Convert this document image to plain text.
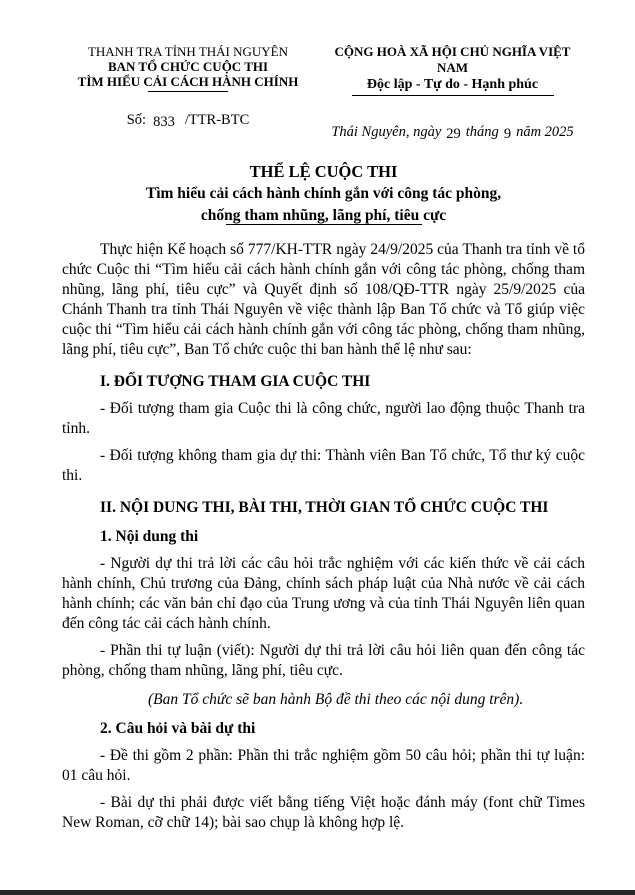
THANH TRA TỈNH THÁI NGUYÊN
BAN TỔ CHỨC CUỘC THI
TÌM HIỂU CẢI CÁCH HÀNH CHÍNH
Số: 833 /TTR-BTC
CỘNG HOÀ XÃ HỘI CHỦ NGHĨA VIỆT NAM
Độc lập - Tự do - Hạnh phúc
Thái Nguyên, ngày 29 tháng 9 năm 2025
THỂ LỆ CUỘC THI
Tìm hiểu cải cách hành chính gắn với công tác phòng,
chống tham nhũng, lãng phí, tiêu cực

Thực hiện Kế hoạch số 777/KH-TTR ngày 24/9/2025 của Thanh tra tỉnh về tổ chức Cuộc thi “Tìm hiểu cải cách hành chính gắn với công tác phòng, chống tham nhũng, lãng phí, tiêu cực” và Quyết định số 108/QĐ-TTR ngày 25/9/2025 của Chánh Thanh tra tỉnh Thái Nguyên về việc thành lập Ban Tổ chức và Tổ giúp việc cuộc thi “Tìm hiểu cải cách hành chính gắn với công tác phòng, chống tham nhũng, lãng phí, tiêu cực”, Ban Tổ chức cuộc thi ban hành thể lệ như sau:

I. ĐỐI TƯỢNG THAM GIA CUỘC THI

- Đối tượng tham gia Cuộc thi là công chức, người lao động thuộc Thanh tra tỉnh.

- Đối tượng không tham gia dự thi: Thành viên Ban Tổ chức, Tổ thư ký cuộc thi.

II. NỘI DUNG THI, BÀI THI, THỜI GIAN TỔ CHỨC CUỘC THI

1. Nội dung thi

- Người dự thi trả lời các câu hỏi trắc nghiệm với các kiến thức về cải cách hành chính, Chủ trương của Đảng, chính sách pháp luật của Nhà nước về cải cách hành chính; các văn bản chỉ đạo của Trung ương và của tỉnh Thái Nguyên liên quan đến công tác cải cách hành chính.

- Phần thi tự luận (viết): Người dự thi trả lời câu hỏi liên quan đến công tác phòng, chống tham nhũng, lãng phí, tiêu cực.

(Ban Tổ chức sẽ ban hành Bộ đề thi theo các nội dung trên).

2. Câu hỏi và bài dự thi

- Đề thi gồm 2 phần: Phần thi trắc nghiệm gồm 50 câu hỏi; phần thi tự luận: 01 câu hỏi.

- Bài dự thi phải được viết bằng tiếng Việt hoặc đánh máy (font chữ Times New Roman, cỡ chữ 14); bài sao chụp là không hợp lệ.
